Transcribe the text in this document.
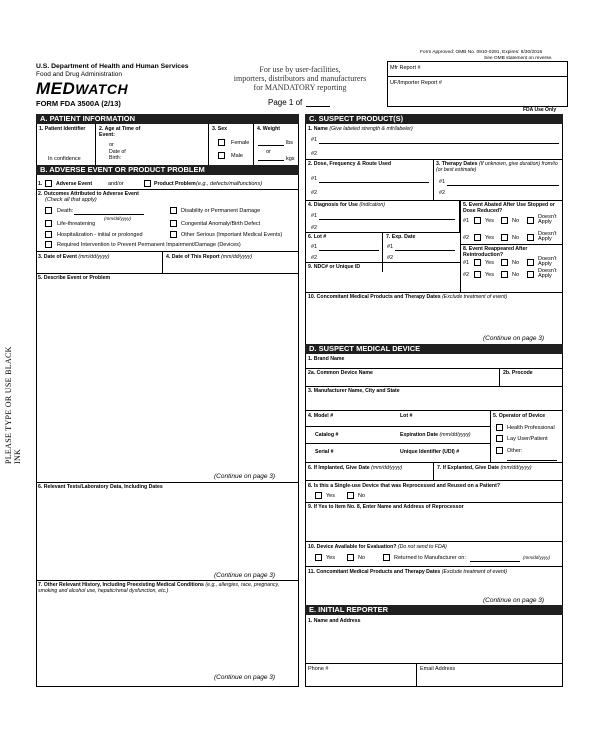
Form Approved: OMB No. 0910-0291, Expires: 6/30/2015
See OMB statement on reverse.
U.S. Department of Health and Human Services
Food and Drug Administration
MEDWATCH
FORM FDA 3500A (2/13)
For use by user-facilities,
importers, distributors and manufacturers
for MANDATORY reporting
Page 1 of
Mfr Report #
UF/Importer Report #
FDA Use Only
PLEASE TYPE OR USE BLACK INK
A. PATIENT INFORMATION
1. Patient Identifier
In confidence
2. Age at Time of Event:
or
Date of Birth:
3. Sex
Female
Male
4. Weight
lbs
or
kgs
B. ADVERSE EVENT OR PRODUCT PROBLEM
1.	Adverse Event	and/or	Product Problem (e.g., defects/malfunctions)
2. Outcomes Attributed to Adverse Event
(Check all that apply)
Death:
(mm/dd/yyyy)
Disability or Permanent Damage
Life-threatening	Congenital Anomaly/Birth Defect
Hospitalization - initial or prolonged	Other Serious (Important Medical Events)
Required Intervention to Prevent Permanent Impairment/Damage (Devices)
3. Date of Event (mm/dd/yyyy)	4. Date of This Report (mm/dd/yyyy)
5. Describe Event or Problem
(Continue on page 3)
6. Relevant Tests/Laboratory Data, Including Dates
(Continue on page 3)
7. Other Relevant History, Including Preexisting Medical Conditions (e.g., allergies, race, pregnancy, smoking and alcohol use, hepatic/renal dysfunction, etc.)
(Continue on page 3)
C. SUSPECT PRODUCT(S)
1. Name (Give labeled strength & mfr/labeler)
#1
#2
2. Dose, Frequency & Route Used
#1
#2
3. Therapy Dates (If unknown, give duration) from/to (or best estimate)
#1
#2
4. Diagnosis for Use (Indication)
#1
#2
6. Lot #
#1
#2
7. Exp. Date
#1
#2
9. NDC# or Unique ID
5. Event Abated After Use Stopped or Dose Reduced?
#1	Yes	No
Doesn't Apply
#2	Yes	No
Doesn't Apply
8. Event Reappeared After Reintroduction?
#1	Yes	No
Doesn't Apply
#2	Yes	No
Doesn't Apply
10. Concomitant Medical Products and Therapy Dates (Exclude treatment of event)
(Continue on page 3)
D. SUSPECT MEDICAL DEVICE
1. Brand Name
2a. Common Device Name	2b. Procode
3. Manufacturer Name, City and State
4. Model #	Lot #
Catalog #	Expiration Date (mm/dd/yyyy)
Serial #	Unique Identifier (UDI) #
5. Operator of Device
Health Professional
Lay User/Patient
Other:
6. If Implanted, Give Date (mm/dd/yyyy)	7. If Explanted, Give Date (mm/dd/yyyy)
8. Is this a Single-use Device that was Reprocessed and Reused on a Patient?
Yes	No
9. If Yes to Item No. 8, Enter Name and Address of Reprocessor
10. Device Available for Evaluation? (Do not send to FDA)
Yes	No	Returned to Manufacturer on:	(mm/dd/yyyy)
11. Concomitant Medical Products and Therapy Dates (Exclude treatment of event)
(Continue on page 3)
E. INITIAL REPORTER
1. Name and Address
Phone #	Email Address
